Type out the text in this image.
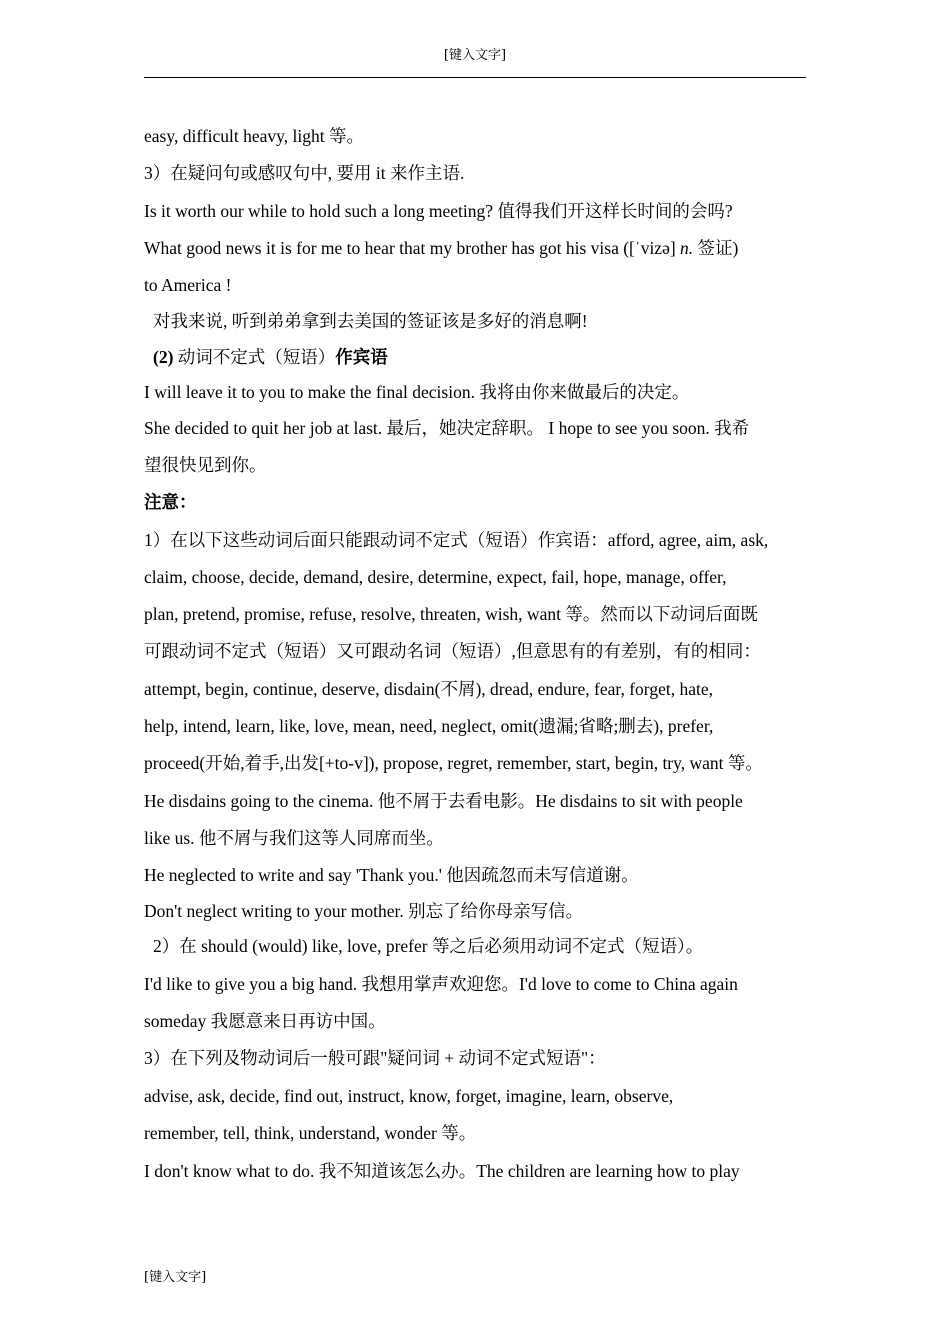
[键入文字]
easy, difficult heavy, light 等。
3）在疑问句或感叹句中, 要用 it 来作主语.
Is it worth our while to hold such a long meeting? 值得我们开这样长时间的会吗?
What good news it is for me to hear that my brother has got his visa ([ˈvizə] n. 签证)
to America !
对我来说, 听到弟弟拿到去美国的签证该是多好的消息啊!
(2) 动词不定式（短语）作宾语
I will leave it to you to make the final decision. 我将由你来做最后的决定。
She decided to quit her job at last. 最后，她决定辞职。 I hope to see you soon. 我希
望很快见到你。
注意：
1）在以下这些动词后面只能跟动词不定式（短语）作宾语：afford, agree, aim, ask,
claim, choose, decide, demand, desire, determine, expect, fail, hope, manage, offer,
plan, pretend, promise, refuse, resolve, threaten, wish, want 等。然而以下动词后面既
可跟动词不定式（短语）又可跟动名词（短语）,但意思有的有差别，有的相同：
attempt, begin, continue, deserve, disdain(不屑), dread, endure, fear, forget, hate,
help, intend, learn, like, love, mean, need, neglect, omit(遗漏;省略;删去), prefer,
proceed(开始,着手,出发[+to-v]), propose, regret, remember, start, begin, try, want 等。
He disdains going to the cinema. 他不屑于去看电影。He disdains to sit with people
like us. 他不屑与我们这等人同席而坐。
He neglected to write and say 'Thank you.' 他因疏忽而未写信道谢。
Don't neglect writing to your mother. 别忘了给你母亲写信。
2）在 should (would) like, love, prefer 等之后必须用动词不定式（短语）。
I'd like to give you a big hand. 我想用掌声欢迎您。I'd love to come to China again
someday 我愿意来日再访中国。
3）在下列及物动词后一般可跟"疑问词 + 动词不定式短语"：
advise, ask, decide, find out, instruct, know, forget, imagine, learn, observe,
remember, tell, think, understand, wonder 等。
I don't know what to do. 我不知道该怎么办。The children are learning how to play
[键入文字]
